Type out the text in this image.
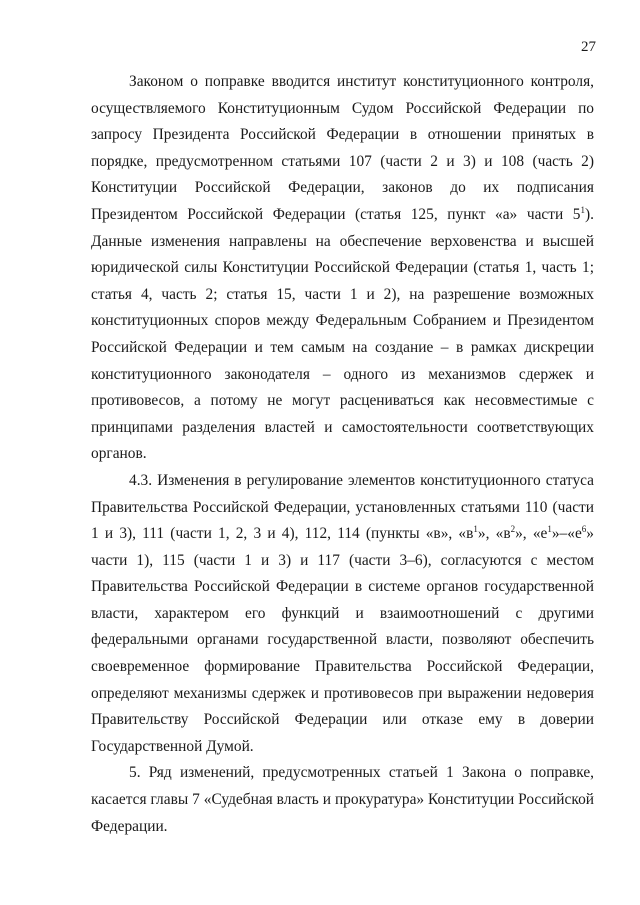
27

Законом о поправке вводится институт конституционного контроля, осуществляемого Конституционным Судом Российской Федерации по запросу Президента Российской Федерации в отношении принятых в порядке, предусмотренном статьями 107 (части 2 и 3) и 108 (часть 2) Конституции Российской Федерации, законов до их подписания Президентом Российской Федерации (статья 125, пункт «а» части $5^1$). Данные изменения направлены на обеспечение верховенства и высшей юридической силы Конституции Российской Федерации (статья 1, часть 1; статья 4, часть 2; статья 15, части 1 и 2), на разрешение возможных конституционных споров между Федеральным Собранием и Президентом Российской Федерации и тем самым на создание – в рамках дискреции конституционного законодателя – одного из механизмов сдержек и противовесов, а потому не могут расцениваться как несовместимые с принципами разделения властей и самостоятельности соответствующих органов.

4.3. Изменения в регулирование элементов конституционного статуса Правительства Российской Федерации, установленных статьями 110 (части 1 и 3), 111 (части 1, 2, 3 и 4), 112, 114 (пункты «в», «$в^1$», «$в^2$», «$е^1»-«е^6$» части 1), 115 (части 1 и 3) и 117 (части 3–6), согласуются с местом Правительства Российской Федерации в системе органов государственной власти, характером его функций и взаимоотношений с другими федеральными органами государственной власти, позволяют обеспечить своевременное формирование Правительства Российской Федерации, определяют механизмы сдержек и противовесов при выражении недоверия Правительству Российской Федерации или отказе ему в доверии Государственной Думой.

5. Ряд изменений, предусмотренных статьей 1 Закона о поправке, касается главы 7 «Судебная власть и прокуратура» Конституции Российской Федерации.
